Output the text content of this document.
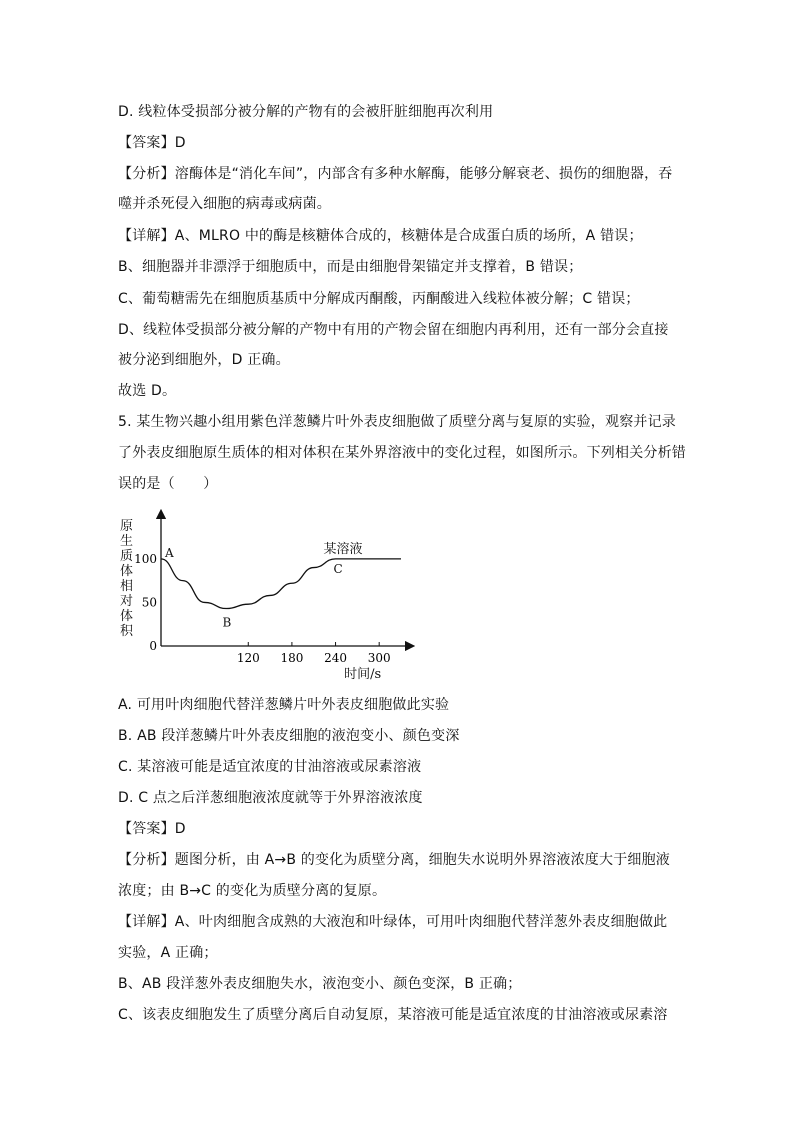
D. 线粒体受损部分被分解的产物有的会被肝脏细胞再次利用
【答案】D
【分析】溶酶体是“消化车间”，内部含有多种水解酶，能够分解衰老、损伤的细胞器，吞
噬并杀死侵入细胞的病毒或病菌。
【详解】A、MLRO 中的酶是核糖体合成的，核糖体是合成蛋白质的场所，A 错误；
B、细胞器并非漂浮于细胞质中，而是由细胞骨架锚定并支撑着，B 错误；
C、葡萄糖需先在细胞质基质中分解成丙酮酸，丙酮酸进入线粒体被分解；C 错误；
D、线粒体受损部分被分解的产物中有用的产物会留在细胞内再利用，还有一部分会直接
被分泌到细胞外，D 正确。
故选 D。
5. 某生物兴趣小组用紫色洋葱鳞片叶外表皮细胞做了质壁分离与复原的实验，观察并记录
了外表皮细胞原生质体的相对体积在某外界溶液中的变化过程，如图所示。下列相关分析错
误的是（　　）
原
生
质
体
相
对
体
积
120 180 240 300
0
50
100 A
B
C
某溶液
时间/s
A. 可用叶肉细胞代替洋葱鳞片叶外表皮细胞做此实验
B. AB 段洋葱鳞片叶外表皮细胞的液泡变小、颜色变深
C. 某溶液可能是适宜浓度的甘油溶液或尿素溶液
D. C 点之后洋葱细胞液浓度就等于外界溶液浓度
【答案】D
【分析】题图分析，由 A→B 的变化为质壁分离，细胞失水说明外界溶液浓度大于细胞液
浓度；由 B→C 的变化为质壁分离的复原。
【详解】A、叶肉细胞含成熟的大液泡和叶绿体，可用叶肉细胞代替洋葱外表皮细胞做此
实验，A 正确；
B、AB 段洋葱外表皮细胞失水，液泡变小、颜色变深，B 正确；
C、该表皮细胞发生了质壁分离后自动复原，某溶液可能是适宜浓度的甘油溶液或尿素溶
